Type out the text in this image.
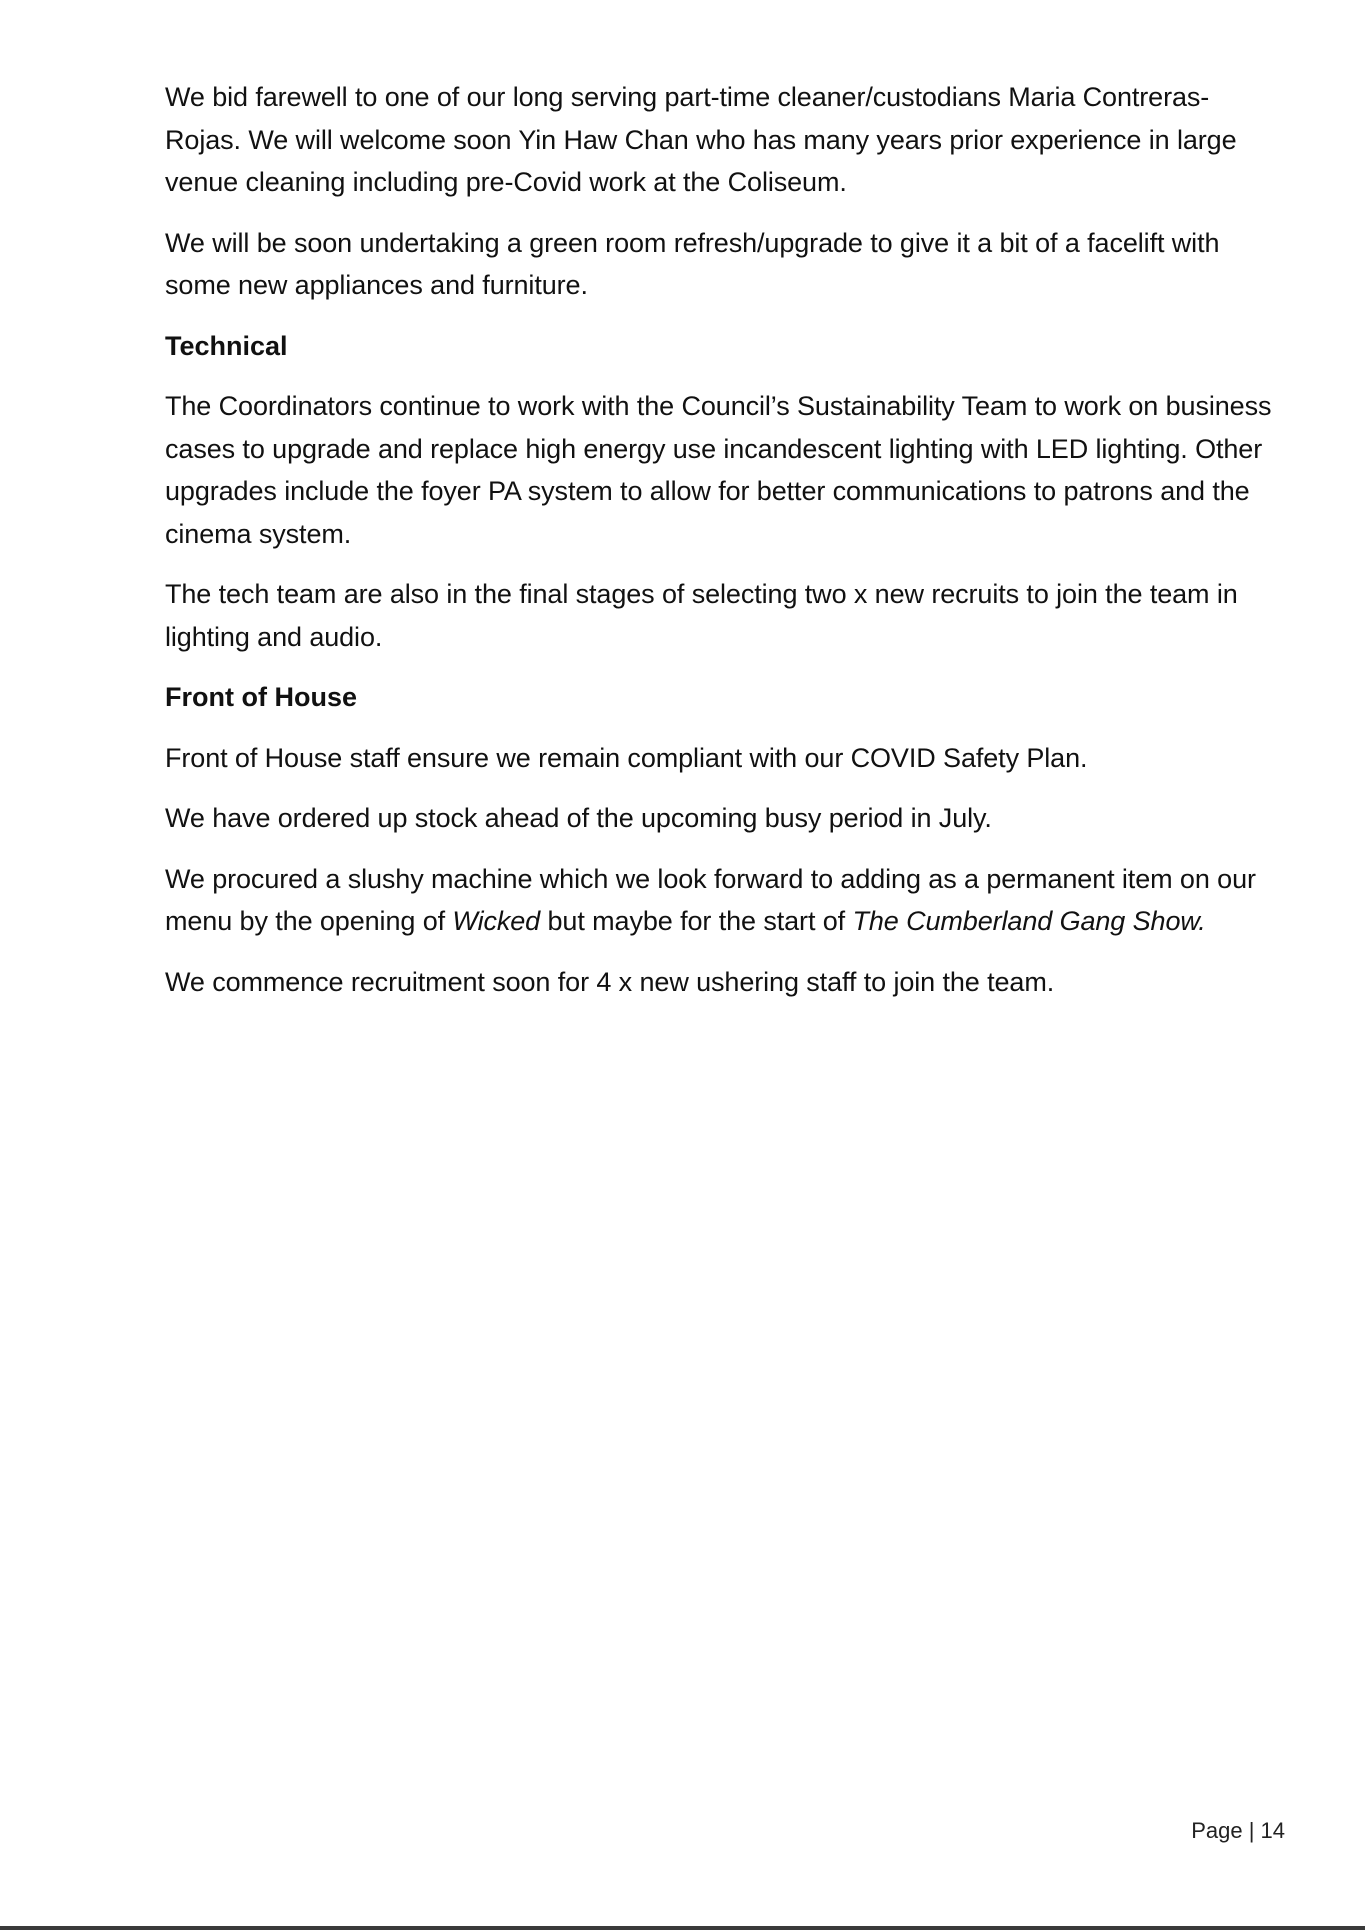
We bid farewell to one of our long serving part-time cleaner/custodians Maria Contreras-Rojas. We will welcome soon Yin Haw Chan who has many years prior experience in large venue cleaning including pre-Covid work at the Coliseum.

We will be soon undertaking a green room refresh/upgrade to give it a bit of a facelift with some new appliances and furniture.

Technical

The Coordinators continue to work with the Council’s Sustainability Team to work on business cases to upgrade and replace high energy use incandescent lighting with LED lighting. Other upgrades include the foyer PA system to allow for better communications to patrons and the cinema system.

The tech team are also in the final stages of selecting two x new recruits to join the team in lighting and audio.

Front of House

Front of House staff ensure we remain compliant with our COVID Safety Plan.

We have ordered up stock ahead of the upcoming busy period in July.

We procured a slushy machine which we look forward to adding as a permanent item on our menu by the opening of Wicked but maybe for the start of The Cumberland Gang Show.

We commence recruitment soon for 4 x new ushering staff to join the team.

Page | 14
